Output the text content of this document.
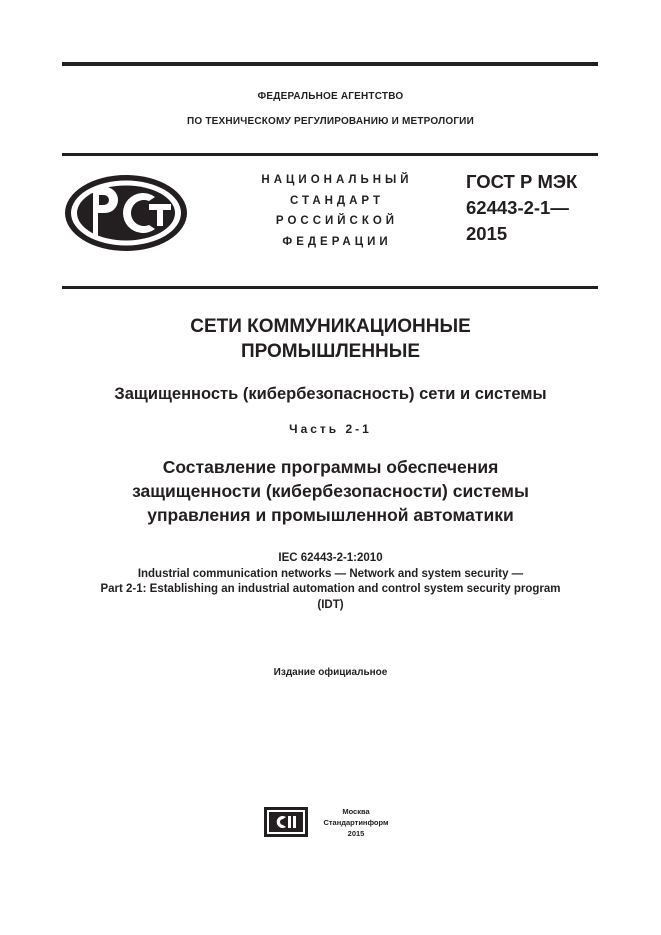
ФЕДЕРАЛЬНОЕ АГЕНТСТВО
ПО ТЕХНИЧЕСКОМУ РЕГУЛИРОВАНИЮ И МЕТРОЛОГИИ
НАЦИОНАЛЬНЫЙ
СТАНДАРТ
РОССИЙСКОЙ
ФЕДЕРАЦИИ
ГОСТ Р МЭК
62443-2-1—
2015
СЕТИ КОММУНИКАЦИОННЫЕ
ПРОМЫШЛЕННЫЕ
Защищенность (кибербезопасность) сети и системы
Часть 2-1
Составление программы обеспечения
защищенности (кибербезопасности) системы
управления и промышленной автоматики
IEC 62443-2-1:2010
Industrial communication networks — Network and system security —
Part 2-1: Establishing an industrial automation and control system security program
(IDT)
Издание официальное
Москва
Стандартинформ
2015
